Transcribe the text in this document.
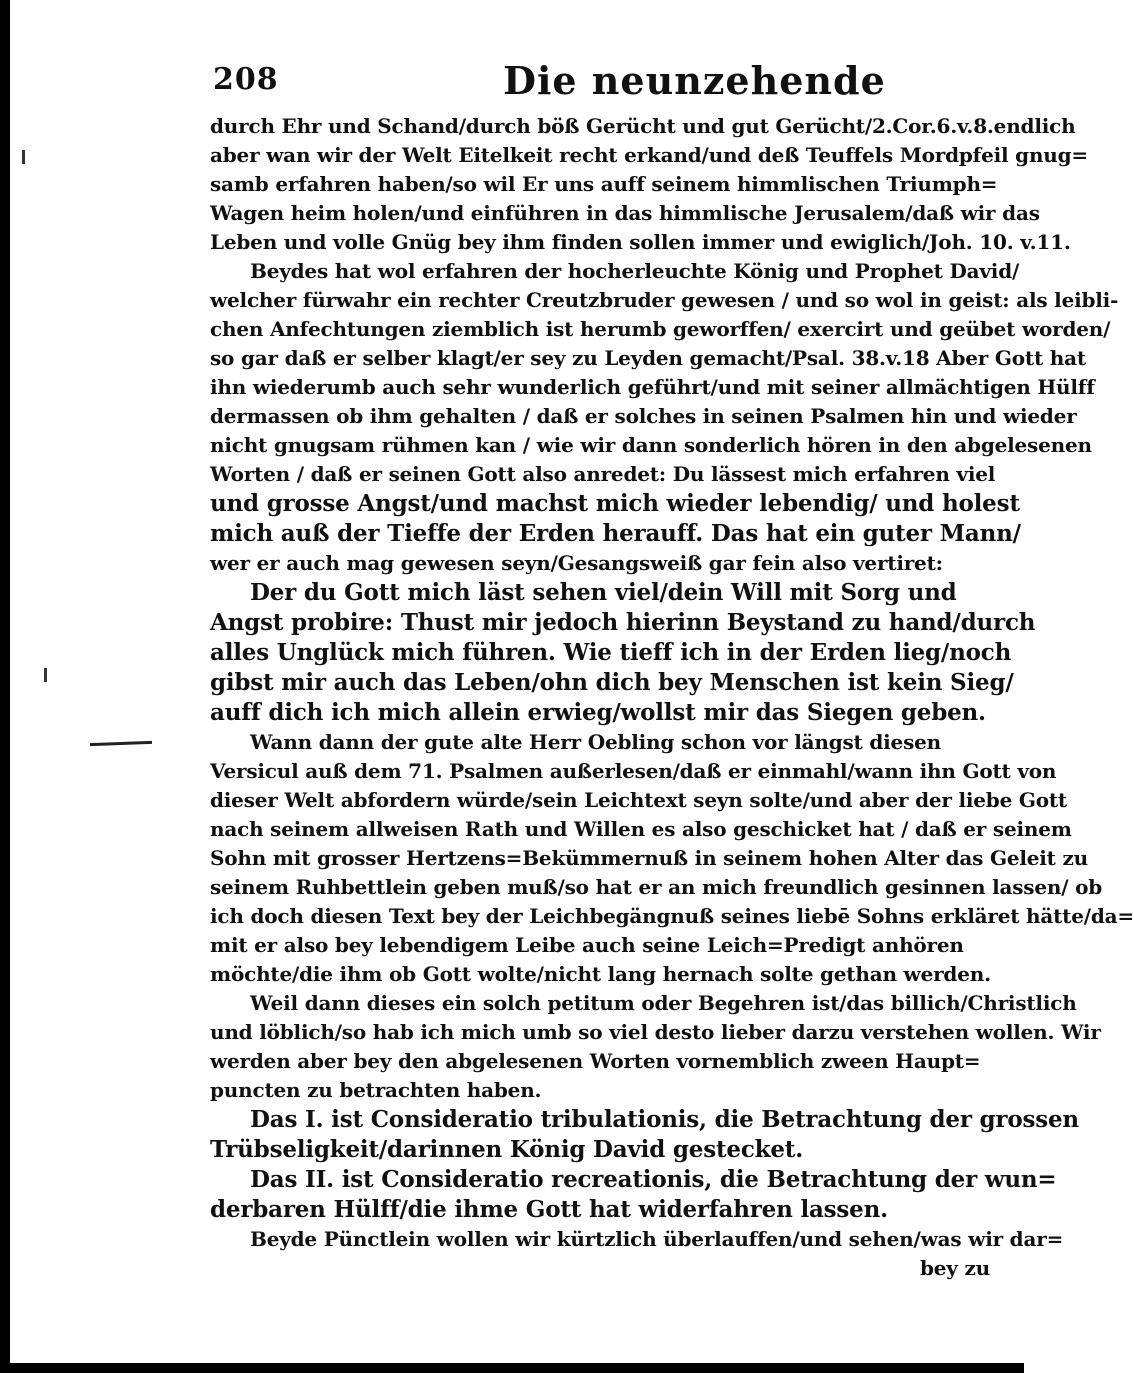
208	Die neunzehende
durch Ehr und Schand/durch böß Gerücht und gut Gerücht/2.Cor.6.v.8.endlich
aber wan wir der Welt Eitelkeit recht erkand/und deß Teuffels Mordpfeil gnug=
samb erfahren haben/so wil Er uns auff seinem himmlischen Triumph=
Wagen heim holen/und einführen in das himmlische Jerusalem/daß wir das
Leben und volle Gnüg bey ihm finden sollen immer und ewiglich/Joh. 10. v.11.
Beydes hat wol erfahren der hocherleuchte König und Prophet David/
welcher fürwahr ein rechter Creutzbruder gewesen / und so wol in geist: als leibli-
chen Anfechtungen ziemblich ist herumb geworffen/ exercirt und geübet worden/
so gar daß er selber klagt/er sey zu Leyden gemacht/Psal. 38.v.18 Aber Gott hat
ihn wiederumb auch sehr wunderlich geführt/und mit seiner allmächtigen Hülff
dermassen ob ihm gehalten / daß er solches in seinen Psalmen hin und wieder
nicht gnugsam rühmen kan / wie wir dann sonderlich hören in den abgelesenen
Worten / daß er seinen Gott also anredet: Du lässest mich erfahren viel
und grosse Angst/und machst mich wieder lebendig/ und holest
mich auß der Tieffe der Erden herauff. Das hat ein guter Mann/
wer er auch mag gewesen seyn/Gesangsweiß gar fein also vertiret:
Der du Gott mich läst sehen viel/dein Will mit Sorg und
Angst probire: Thust mir jedoch hierinn Beystand zu hand/durch
alles Unglück mich führen. Wie tieff ich in der Erden lieg/noch
gibst mir auch das Leben/ohn dich bey Menschen ist kein Sieg/
auff dich ich mich allein erwieg/wollst mir das Siegen geben.
Wann dann der gute alte Herr Oebling schon vor längst diesen
Versicul auß dem 71. Psalmen außerlesen/daß er einmahl/wann ihn Gott von
dieser Welt abfordern würde/sein Leichtext seyn solte/und aber der liebe Gott
nach seinem allweisen Rath und Willen es also geschicket hat / daß er seinem
Sohn mit grosser Hertzens=Bekümmernuß in seinem hohen Alter das Geleit zu
seinem Ruhbettlein geben muß/so hat er an mich freundlich gesinnen lassen/ ob
ich doch diesen Text bey der Leichbegängnuß seines liebē Sohns erkläret hätte/da=
mit er also bey lebendigem Leibe auch seine Leich=Predigt anhören
möchte/die ihm ob Gott wolte/nicht lang hernach solte gethan werden.
Weil dann dieses ein solch petitum oder Begehren ist/das billich/Christlich
und löblich/so hab ich mich umb so viel desto lieber darzu verstehen wollen. Wir
werden aber bey den abgelesenen Worten vornemblich zween Haupt=
puncten zu betrachten haben.
Das I. ist Consideratio tribulationis, die Betrachtung der grossen
Trübseligkeit/darinnen König David gestecket.
Das II. ist Consideratio recreationis, die Betrachtung der wun=
derbaren Hülff/die ihme Gott hat widerfahren lassen.
Beyde Pünctlein wollen wir kürtzlich überlauffen/und sehen/was wir dar=
bey zu
